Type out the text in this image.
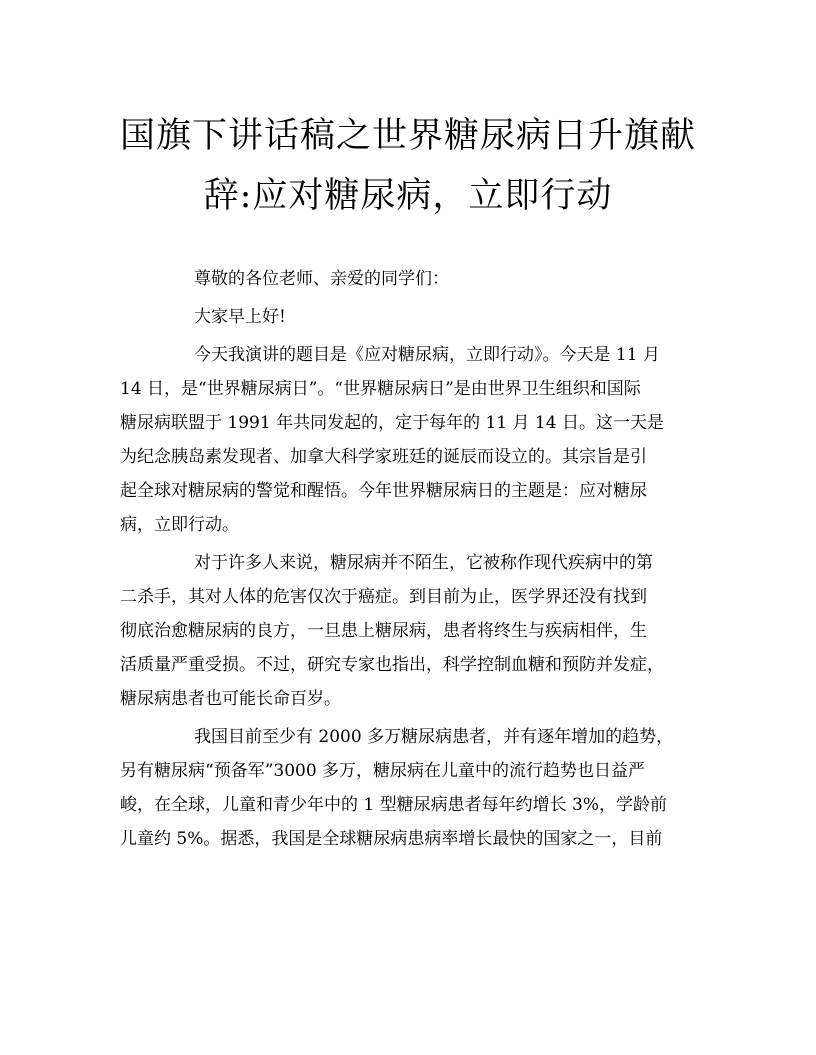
国旗下讲话稿之世界糖尿病日升旗献
辞:应对糖尿病，立即行动
尊敬的各位老师、亲爱的同学们：
大家早上好!
今天我演讲的题目是《应对糖尿病，立即行动》。今天是 11 月
14 日，是“世界糖尿病日”。“世界糖尿病日”是由世界卫生组织和国际
糖尿病联盟于 1991 年共同发起的，定于每年的 11 月 14 日。这一天是
为纪念胰岛素发现者、加拿大科学家班廷的诞辰而设立的。其宗旨是引
起全球对糖尿病的警觉和醒悟。今年世界糖尿病日的主题是：应对糖尿
病，立即行动。
对于许多人来说，糖尿病并不陌生，它被称作现代疾病中的第
二杀手，其对人体的危害仅次于癌症。到目前为止，医学界还没有找到
彻底治愈糖尿病的良方，一旦患上糖尿病，患者将终生与疾病相伴，生
活质量严重受损。不过，研究专家也指出，科学控制血糖和预防并发症，
糖尿病患者也可能长命百岁。
我国目前至少有 2000 多万糖尿病患者，并有逐年增加的趋势，
另有糖尿病“预备军”3000 多万，糖尿病在儿童中的流行趋势也日益严
峻，在全球，儿童和青少年中的 1 型糖尿病患者每年约增长 3%，学龄前
儿童约 5%。据悉，我国是全球糖尿病患病率增长最快的国家之一，目前
